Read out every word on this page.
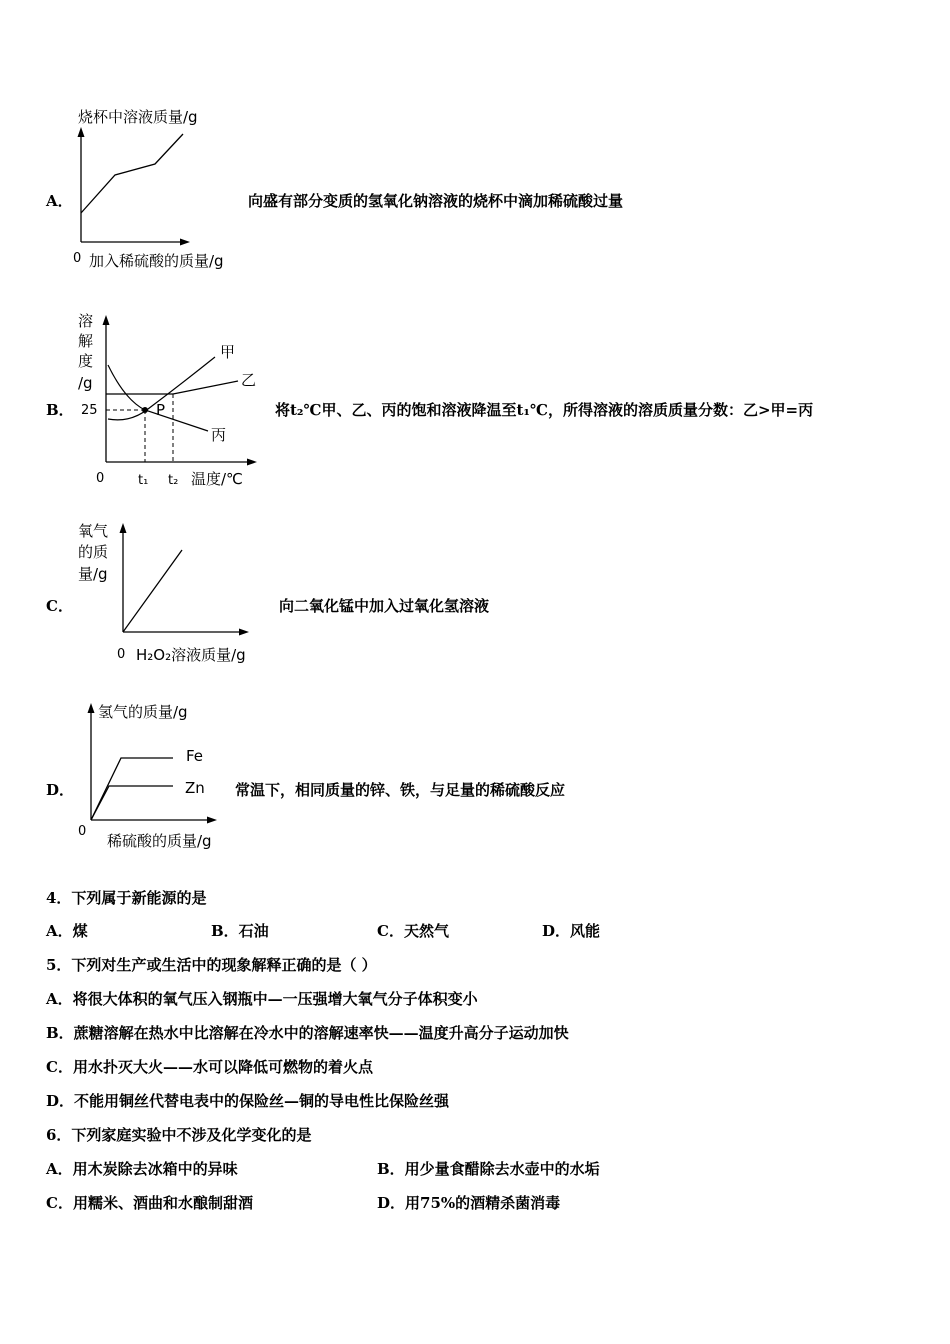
A．
烧杯中溶液质量/g
0 加入稀硫酸的质量/g
向盛有部分变质的氢氧化钠溶液的烧杯中滴加稀硫酸过量
B．
溶
解
度
/g
25	P
甲
乙
丙
0	t₁ t₂ 温度/℃
将t₂℃甲、乙、丙的饱和溶液降温至t₁℃，所得溶液的溶质质量分数：乙>甲=丙
C．
氧气
的质
量/g
0 H₂O₂溶液质量/g
向二氧化锰中加入过氧化氢溶液
D．
氢气的质量/g
Fe
Zn
0
稀硫酸的质量/g
常温下，相同质量的锌、铁，与足量的稀硫酸反应
4．下列属于新能源的是
A．煤	B．石油	C．天然气	D．风能
5．下列对生产或生活中的现象解释正确的是（ ）
A．将很大体积的氧气压入钢瓶中—一压强增大氧气分子体积变小
B．蔗糖溶解在热水中比溶解在冷水中的溶解速率快——温度升高分子运动加快
C．用水扑灭大火——水可以降低可燃物的着火点
D．不能用铜丝代替电表中的保险丝—铜的导电性比保险丝强
6．下列家庭实验中不涉及化学变化的是
A．用木炭除去冰箱中的异味	B．用少量食醋除去水壶中的水垢
C．用糯米、酒曲和水酿制甜酒	D．用75%的酒精杀菌消毒
